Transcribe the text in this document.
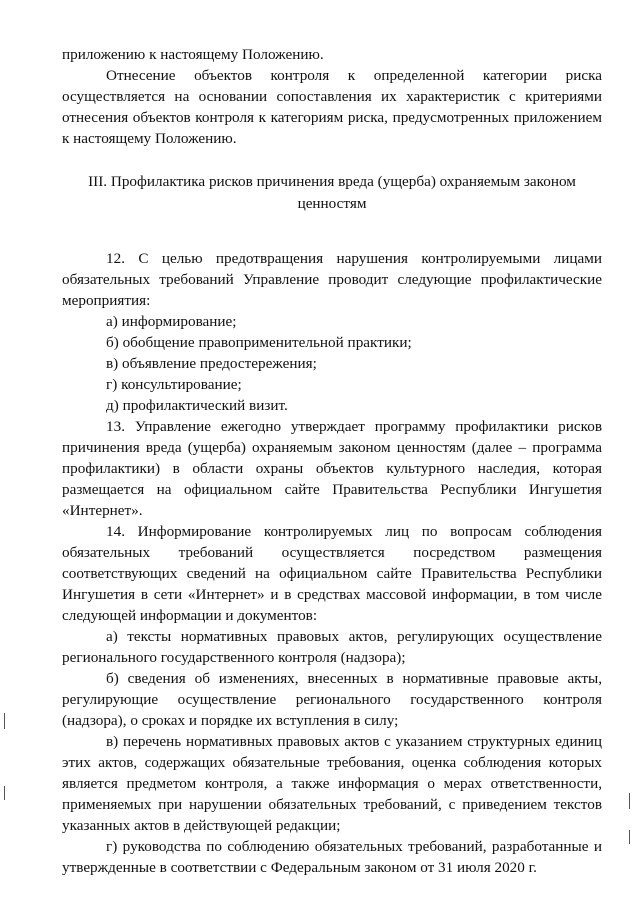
приложению к настоящему Положению.

Отнесение объектов контроля к определенной категории риска осуществляется на основании сопоставления их характеристик с критериями отнесения объектов контроля к категориям риска, предусмотренных приложением к настоящему Положению.

III. Профилактика рисков причинения вреда (ущерба) охраняемым законом ценностям

12. С целью предотвращения нарушения контролируемыми лицами обязательных требований Управление проводит следующие профилактические мероприятия:

а) информирование;
б) обобщение правоприменительной практики;
в) объявление предостережения;
г) консультирование;
д) профилактический визит.

13. Управление ежегодно утверждает программу профилактики рисков причинения вреда (ущерба) охраняемым законом ценностям (далее – программа профилактики) в области охраны объектов культурного наследия, которая размещается на официальном сайте Правительства Республики Ингушетия «Интернет».

14. Информирование контролируемых лиц по вопросам соблюдения обязательных требований осуществляется посредством размещения соответствующих сведений на официальном сайте Правительства Республики Ингушетия в сети «Интернет» и в средствах массовой информации, в том числе следующей информации и документов:

а) тексты нормативных правовых актов, регулирующих осуществление регионального государственного контроля (надзора);

б) сведения об изменениях, внесенных в нормативные правовые акты, регулирующие осуществление регионального государственного контроля (надзора), о сроках и порядке их вступления в силу;

в) перечень нормативных правовых актов с указанием структурных единиц этих актов, содержащих обязательные требования, оценка соблюдения которых является предметом контроля, а также информация о мерах ответственности, применяемых при нарушении обязательных требований, с приведением текстов указанных актов в действующей редакции;

г) руководства по соблюдению обязательных требований, разработанные и утвержденные в соответствии с Федеральным законом от 31 июля 2020 г.
